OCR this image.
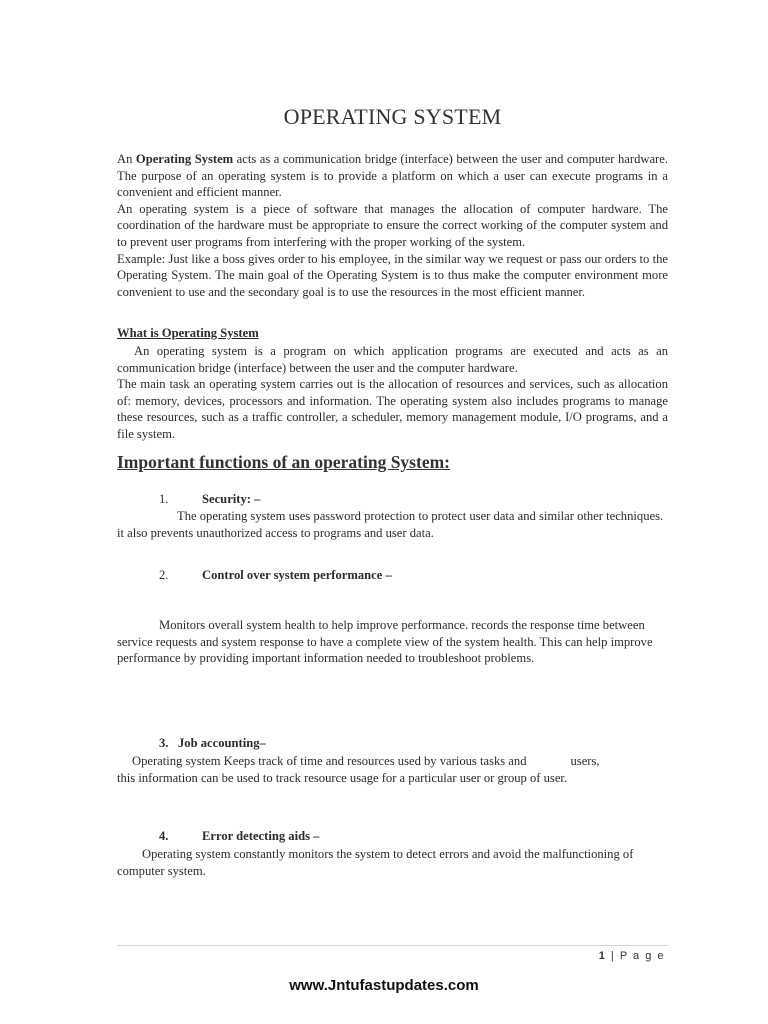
OPERATING SYSTEM
An Operating System acts as a communication bridge (interface) between the user and computer hardware. The purpose of an operating system is to provide a platform on which a user can execute programs in a convenient and efficient manner.
An operating system is a piece of software that manages the allocation of computer hardware. The coordination of the hardware must be appropriate to ensure the correct working of the computer system and to prevent user programs from interfering with the proper working of the system.
Example: Just like a boss gives order to his employee, in the similar way we request or pass our orders to the Operating System. The main goal of the Operating System is to thus make the computer environment more convenient to use and the secondary goal is to use the resources in the most efficient manner.

What is Operating System

An operating system is a program on which application programs are executed and acts as an communication bridge (interface) between the user and the computer hardware.
The main task an operating system carries out is the allocation of resources and services, such as allocation of: memory, devices, processors and information. The operating system also includes programs to manage these resources, such as a traffic controller, a scheduler, memory management module, I/O programs, and a file system.
Important functions of an operating System:

1.	Security: –

The operating system uses password protection to protect user data and similar other techniques. it also prevents unauthorized access to programs and user data.

2.	Control over system performance –

Monitors overall system health to help improve performance. records the response time between service requests and system response to have a complete view of the system health. This can help improve performance by providing important information needed to troubleshoot problems.

3. Job accounting–

Operating system Keeps track of time and resources used by various tasks and	users,
this information can be used to track resource usage for a particular user or group of user.

4.	Error detecting aids –

Operating system constantly monitors the system to detect errors and avoid the malfunctioning of computer system.

1 | P a g e

www.Jntufastupdates.com
